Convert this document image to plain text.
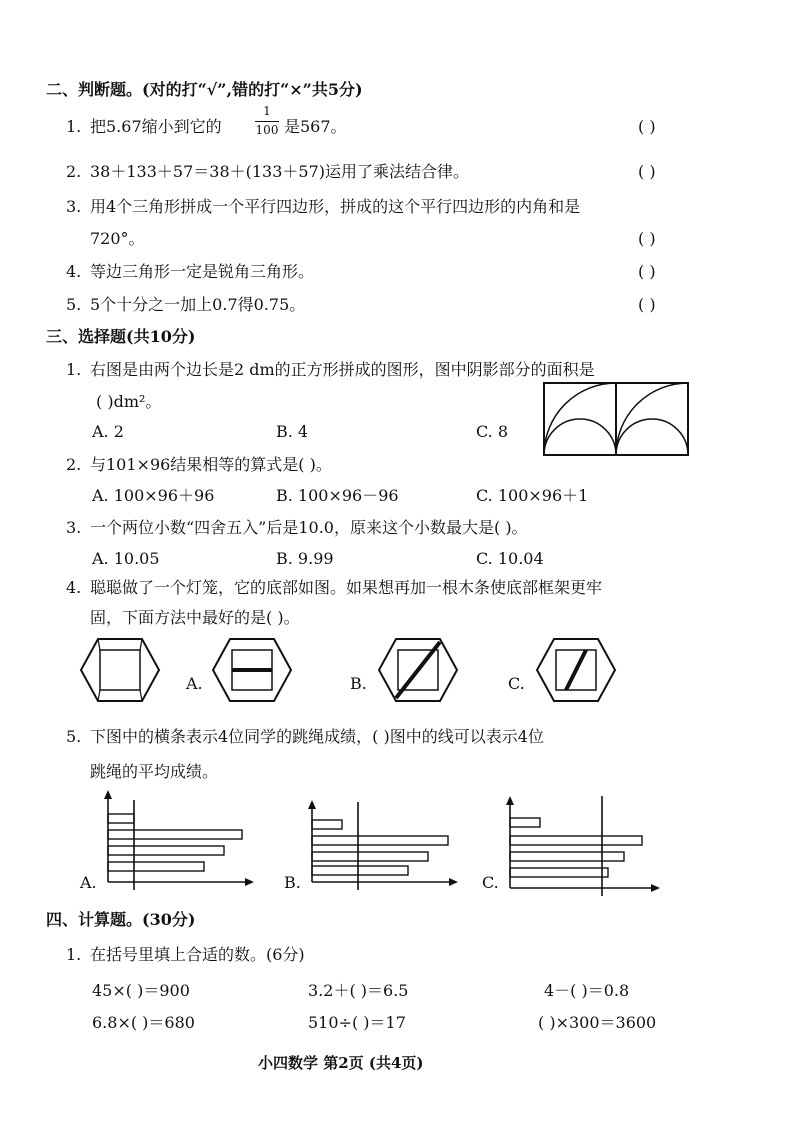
二、判断题。(对的打“√”,错的打“×”共5分)
1. 把5.67缩小到它的
1
100 是567。	( )
2. 38＋133＋57＝38＋(133＋57)运用了乘法结合律。	( )
3. 用4个三角形拼成一个平行四边形，拼成的这个平行四边形的内角和是
720°。	( )
4. 等边三角形一定是锐角三角形。	( )
5. 5个十分之一加上0.7得0.75。	( )
三、选择题(共10分)
1. 右图是由两个边长是2 dm的正方形拼成的图形，图中阴影部分的面积是
( )dm²。
A. 2	B. 4	C. 8
2. 与101×96结果相等的算式是( )。
A. 100×96＋96	B. 100×96－96	C. 100×96＋1
3. 一个两位小数“四舍五入”后是10.0，原来这个小数最大是( )。
A. 10.05	B. 9.99	C. 10.04
4. 聪聪做了一个灯笼，它的底部如图。如果想再加一根木条使底部框架更牢
固，下面方法中最好的是( )。
A.	B.	C.
5. 下图中的横条表示4位同学的跳绳成绩，( )图中的线可以表示4位
跳绳的平均成绩。
A.	B.	C.
四、计算题。(30分)
1. 在括号里填上合适的数。(6分)
45×( )＝900	3.2＋( )＝6.5	4－( )＝0.8
6.8×( )＝680	510÷( )＝17	( )×300＝3600
小四数学 第2页 (共4页)
